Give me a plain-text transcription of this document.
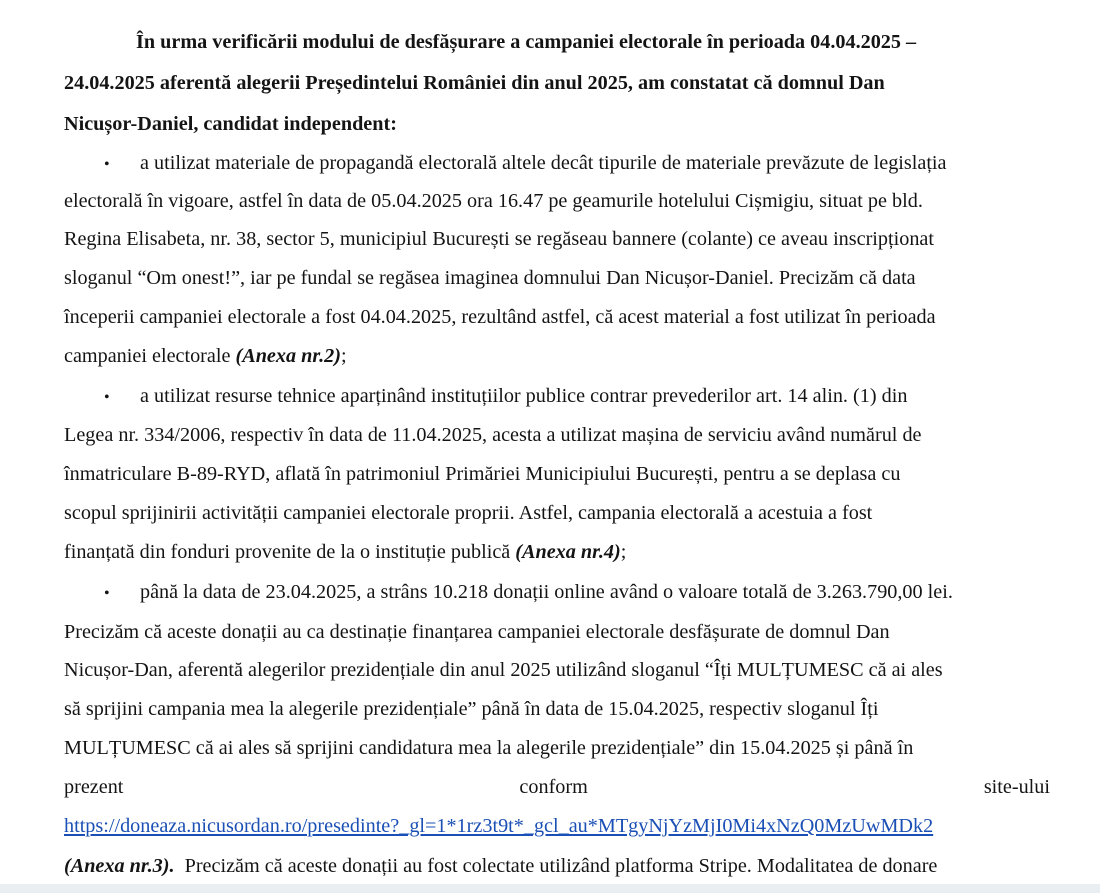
În urma verificării modului de desfășurare a campaniei electorale în perioada 04.04.2025 –
24.04.2025 aferentă alegerii Președintelui României din anul 2025, am constatat că domnul Dan
Nicușor-Daniel, candidat independent:
• a utilizat materiale de propagandă electorală altele decât tipurile de materiale prevăzute de legislația
electorală în vigoare, astfel în data de 05.04.2025 ora 16.47 pe geamurile hotelului Cișmigiu, situat pe bld.
Regina Elisabeta, nr. 38, sector 5, municipiul București se regăseau bannere (colante) ce aveau inscripționat
sloganul “Om onest!”, iar pe fundal se regăsea imaginea domnului Dan Nicușor-Daniel. Precizăm că data
începerii campaniei electorale a fost 04.04.2025, rezultând astfel, că acest material a fost utilizat în perioada
campaniei electorale (Anexa nr.2);
• a utilizat resurse tehnice aparținând instituțiilor publice contrar prevederilor art. 14 alin. (1) din
Legea nr. 334/2006, respectiv în data de 11.04.2025, acesta a utilizat mașina de serviciu având numărul de
înmatriculare B-89-RYD, aflată în patrimoniul Primăriei Municipiului București, pentru a se deplasa cu
scopul sprijinirii activității campaniei electorale proprii. Astfel, campania electorală a acestuia a fost
finanțată din fonduri provenite de la o instituție publică (Anexa nr.4);
• până la data de 23.04.2025, a strâns 10.218 donații online având o valoare totală de 3.263.790,00 lei.
Precizăm că aceste donații au ca destinație finanțarea campaniei electorale desfășurate de domnul Dan
Nicușor-Dan, aferentă alegerilor prezidențiale din anul 2025 utilizând sloganul “Îți MULȚUMESC că ai ales
să sprijini campania mea la alegerile prezidențiale” până în data de 15.04.2025, respectiv sloganul Îți
MULȚUMESC că ai ales să sprijini candidatura mea la alegerile prezidențiale” din 15.04.2025 și până în
prezent	conform	site-ului
https://doneaza.nicusordan.ro/presedinte?_gl=1*1rz3t9t*_gcl_au*MTgyNjYzMjI0Mi4xNzQ0MzUwMDk2
(Anexa nr.3).  Precizăm că aceste donații au fost colectate utilizând platforma Stripe. Modalitatea de donare
